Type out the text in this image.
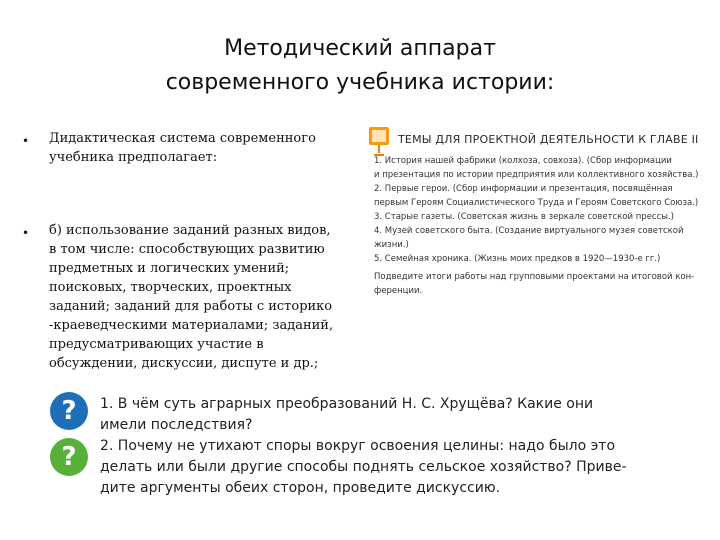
Методический аппарат
современного учебника истории:
• Дидактическая система современного
учебника предполагает:
• б) использование заданий разных видов,
в том числе: способствующих развитию
предметных и логических умений;
поисковых, творческих, проектных
заданий; заданий для работы с историко
-краеведческими материалами; заданий,
предусматривающих участие в
обсуждении, дискуссии, диспуте и др.;
ТЕМЫ ДЛЯ ПРОЕКТНОЙ ДЕЯТЕЛЬНОСТИ К ГЛАВЕ II
1. История нашей фабрики (колхоза, совхоза). (Сбор информации
и презентация по истории предприятия или коллективного хозяйства.)
2. Первые герои. (Сбор информации и презентация, посвящённая
первым Героям Социалистического Труда и Героям Советского Союза.)
3. Старые газеты. (Советская жизнь в зеркале советской прессы.)
4. Музей советского быта. (Создание виртуального музея советской
жизни.)
5. Семейная хроника. (Жизнь моих предков в 1920—1930-е гг.)
Подведите итоги работы над групповыми проектами на итоговой кон-
ференции.
?	1. В чём суть аграрных преобразований Н. С. Хрущёва? Какие они
имели последствия?
?	2. Почему не утихают споры вокруг освоения целины: надо было это
делать или были другие способы поднять сельское хозяйство? Приве-
дите аргументы обеих сторон, проведите дискуссию.
